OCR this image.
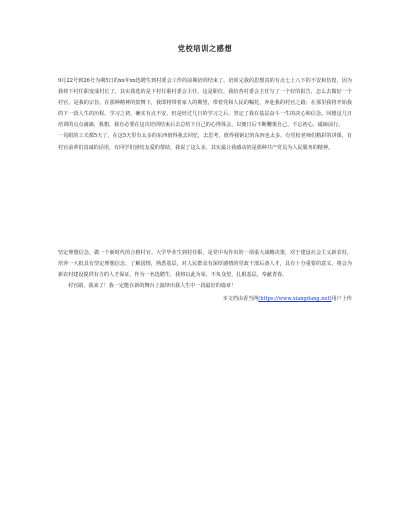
党校培训之感想

9月22号到26号为期5日的xx年xx选聘生到村委会工作的前期培训结束了。培训完我的思想真的有点七上八下的不安和彷徨，因为我将下村任职变成村长了，其实我选的是下村任职村委会主任，这是职位，我给各村委会主任写了一个好的报告，怎么去做好一个村官，是我的宗旨。在那种精神的鼓舞下，我即将带着家人的期望，带着党和人民的嘱托，奔赴我的村官之路；在那里我将开始我的下一段人生的历程。学习之初，确实有点不安，但是经过几日的学习之后，坚定了我在基层奋斗一生的决心和信念。回想这几日培训的点点滴滴，我想，我有必要在这次培训结束后去总结下自己的心得体会，以便日后不断鞭策自己，不忘初心，砥砺前行。

一晃眼的工夫都5天了，在这5天里有太多的东西值得我去回忆，去思考，值得我铭记的东西也太多，有党校老师们精彩的讲课，有村官前辈们真诚的话语，有同学们团结友爱的帮助，我说了这么多，其实最让我感动的是那种共产党员为人民服务的精神。

坚定理想信念，做一个新时代的合格村官。大学毕业生到村任职，是党中央作出的一项重大战略决策，对于建设社会主义新农村，培养一大批具有坚定理想信念，了解国情，熟悉基层，对人民群众有深厚感情的党政干部后备人才，具有十分重要的意义，将会为新农村建设提供有力的人才保证。作为一名选聘生，我将以此为荣，不负众望，扎根基层，奉献青春。

村官路，我来了！我一定能在新的舞台上演绎出我人生中一段最好的篇章！

本文档由香当网(https://www.xiangdang.net)用户上传
